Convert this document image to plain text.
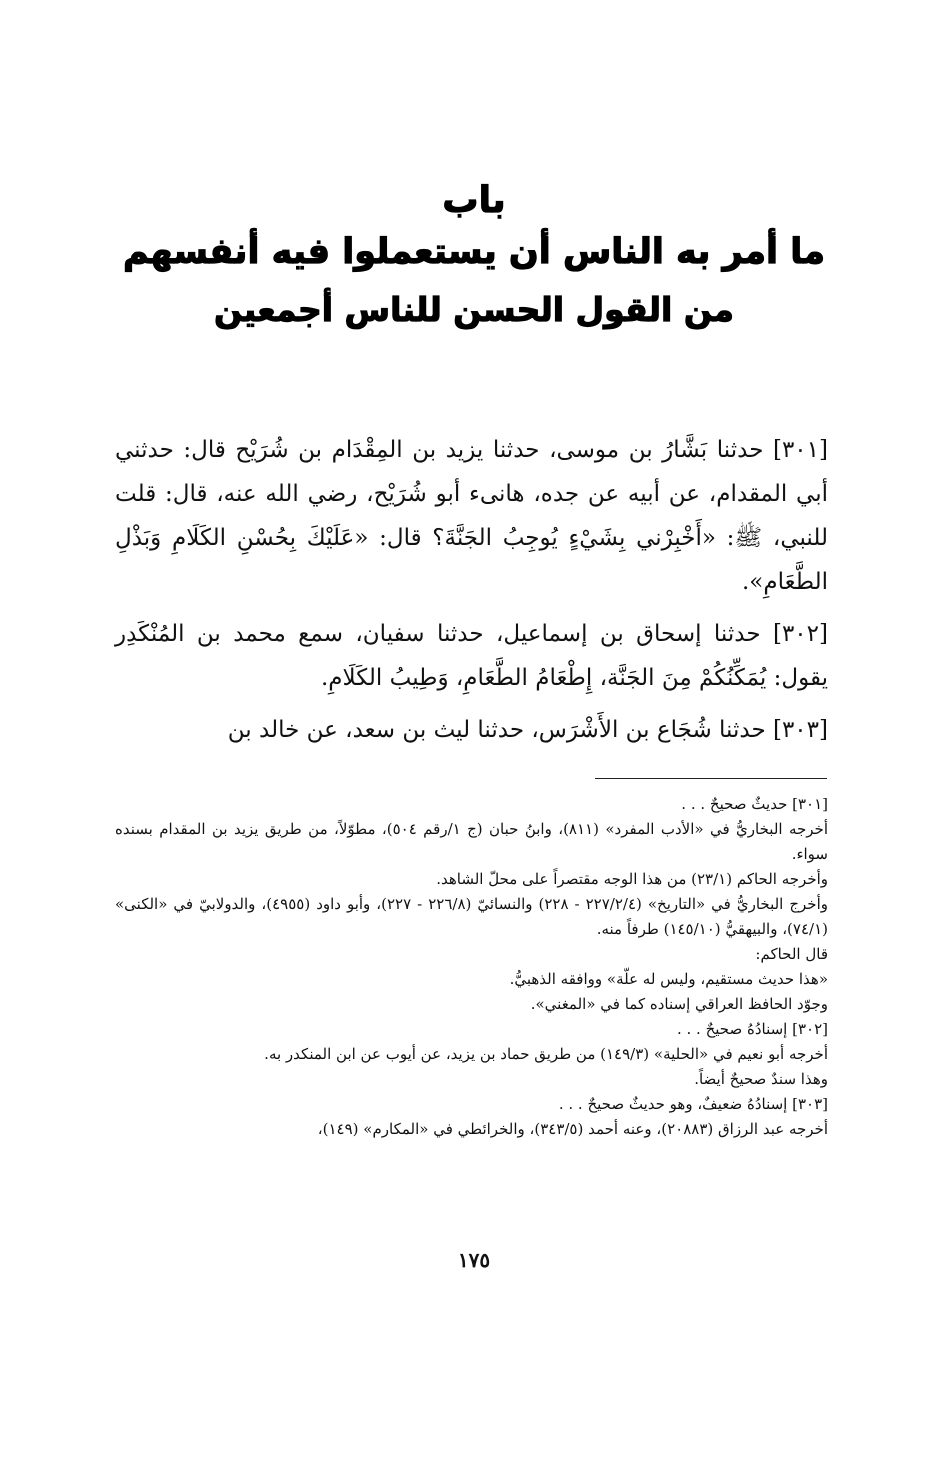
باب
ما أمر به الناس أن يستعملوا فيه أنفسهم
من القول الحسن للناس أجمعين

[٣٠١] حدثنا بَشَّارُ بن موسى، حدثنا يزيد بن المِقْدَام بن شُرَيْح قال: حدثني أبي المقدام، عن أبيه عن جده، هانىء أبو شُرَيْح، رضي الله عنه، قال: قلت للنبي، ﷺ: «أَخْبِرْني بِشَيْءٍ يُوجِبُ الجَنَّةَ؟ قال: «عَلَيْكَ بِحُسْنِ الكَلَامِ وَبَذْلِ الطَّعَامِ».

[٣٠٢] حدثنا إسحاق بن إسماعيل، حدثنا سفيان، سمع محمد بن المُنْكَدِر يقول: يُمَكِّنُكُمْ مِنَ الجَنَّة، إِطْعَامُ الطَّعَامِ، وَطِيبُ الكَلَامِ.

[٣٠٣] حدثنا شُجَاع بن الأَشْرَس، حدثنا ليث بن سعد، عن خالد بن

[٣٠١] حديثٌ صحيحٌ . . .

أخرجه البخاريُّ في «الأدب المفرد» (٨١١)، وابنُ حبان (ج ١/رقم ٥٠٤)، مطوّلاً، من طريق يزيد بن المقدام بسنده سواء.

وأخرجه الحاكم (٢٣/١) من هذا الوجه مقتصراً على محلّ الشاهد.

وأخرج البخاريُّ في «التاريخ» (٢٢٧/٢/٤ - ٢٢٨) والنسائيّ (٢٢٦/٨ - ٢٢٧)، وأبو داود (٤٩٥٥)، والدولابيّ في «الكنى» (٧٤/١)، والبيهقيُّ (١٤٥/١٠) طرفاً منه.

قال الحاكم:

«هذا حديث مستقيم، وليس له علّة» ووافقه الذهبيُّ.

وجوّد الحافظ العراقي إسناده كما في «المغني».

[٣٠٢] إسنادُهُ صحيحٌ . . .

أخرجه أبو نعيم في «الحلية» (١٤٩/٣) من طريق حماد بن يزيد، عن أيوب عن ابن المنكدر به.

وهذا سندٌ صحيحٌ أيضاً.

[٣٠٣] إسنادُهُ ضعيفٌ، وهو حديثٌ صحيحٌ . . .

أخرجه عبد الرزاق (٢٠٨٨٣)، وعنه أحمد (٣٤٣/٥)، والخرائطي في «المكارم» (١٤٩)،

١٧٥
